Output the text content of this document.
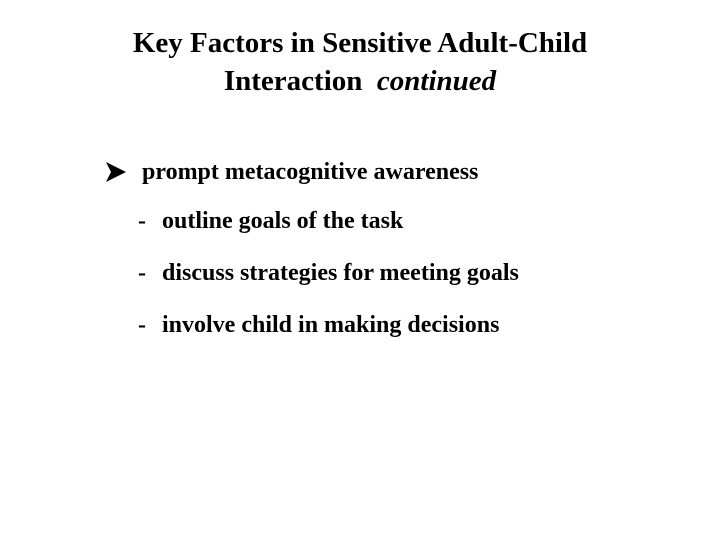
Key Factors in Sensitive Adult-Child
Interaction continued
prompt metacognitive awareness
- outline goals of the task
- discuss strategies for meeting goals
- involve child in making decisions
